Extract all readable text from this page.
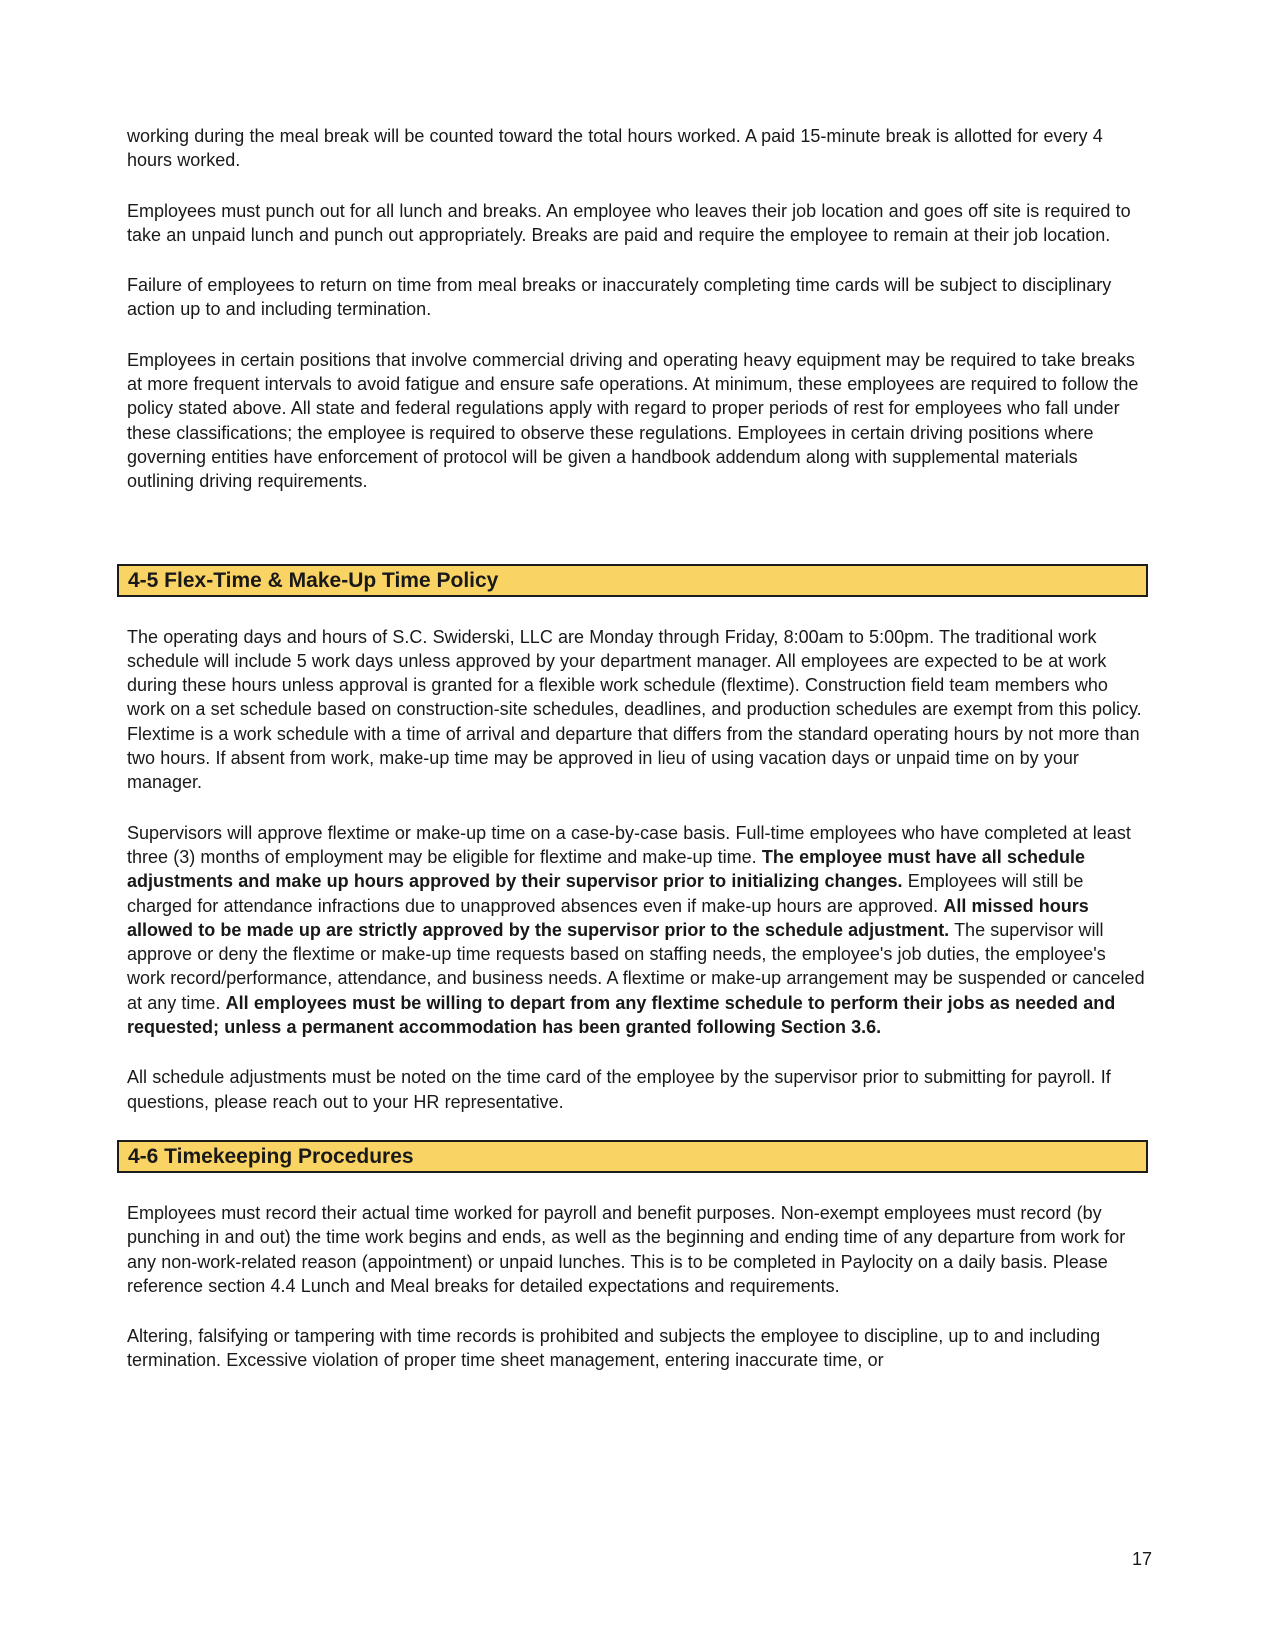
working during the meal break will be counted toward the total hours worked. A paid 15-minute break is allotted for every 4 hours worked.

Employees must punch out for all lunch and breaks. An employee who leaves their job location and goes off site is required to take an unpaid lunch and punch out appropriately. Breaks are paid and require the employee to remain at their job location.

Failure of employees to return on time from meal breaks or inaccurately completing time cards will be subject to disciplinary action up to and including termination.

Employees in certain positions that involve commercial driving and operating heavy equipment may be required to take breaks at more frequent intervals to avoid fatigue and ensure safe operations. At minimum, these employees are required to follow the policy stated above. All state and federal regulations apply with regard to proper periods of rest for employees who fall under these classifications; the employee is required to observe these regulations. Employees in certain driving positions where governing entities have enforcement of protocol will be given a handbook addendum along with supplemental materials outlining driving requirements.

4-5 Flex-Time & Make-Up Time Policy

The operating days and hours of S.C. Swiderski, LLC are Monday through Friday, 8:00am to 5:00pm. The traditional work schedule will include 5 work days unless approved by your department manager. All employees are expected to be at work during these hours unless approval is granted for a flexible work schedule (flextime). Construction field team members who work on a set schedule based on construction-site schedules, deadlines, and production schedules are exempt from this policy. Flextime is a work schedule with a time of arrival and departure that differs from the standard operating hours by not more than two hours. If absent from work, make-up time may be approved in lieu of using vacation days or unpaid time on by your manager.

Supervisors will approve flextime or make-up time on a case-by-case basis. Full-time employees who have completed at least three (3) months of employment may be eligible for flextime and make-up time. The employee must have all schedule adjustments and make up hours approved by their supervisor prior to initializing changes. Employees will still be charged for attendance infractions due to unapproved absences even if make-up hours are approved. All missed hours allowed to be made up are strictly approved by the supervisor prior to the schedule adjustment. The supervisor will approve or deny the flextime or make-up time requests based on staffing needs, the employee's job duties, the employee's work record/performance, attendance, and business needs. A flextime or make-up arrangement may be suspended or canceled at any time. All employees must be willing to depart from any flextime schedule to perform their jobs as needed and requested; unless a permanent accommodation has been granted following Section 3.6.

All schedule adjustments must be noted on the time card of the employee by the supervisor prior to submitting for payroll. If questions, please reach out to your HR representative.

4-6 Timekeeping Procedures

Employees must record their actual time worked for payroll and benefit purposes. Non-exempt employees must record (by punching in and out) the time work begins and ends, as well as the beginning and ending time of any departure from work for any non-work-related reason (appointment) or unpaid lunches. This is to be completed in Paylocity on a daily basis. Please reference section 4.4 Lunch and Meal breaks for detailed expectations and requirements.

Altering, falsifying or tampering with time records is prohibited and subjects the employee to discipline, up to and including termination. Excessive violation of proper time sheet management, entering inaccurate time, or

17
